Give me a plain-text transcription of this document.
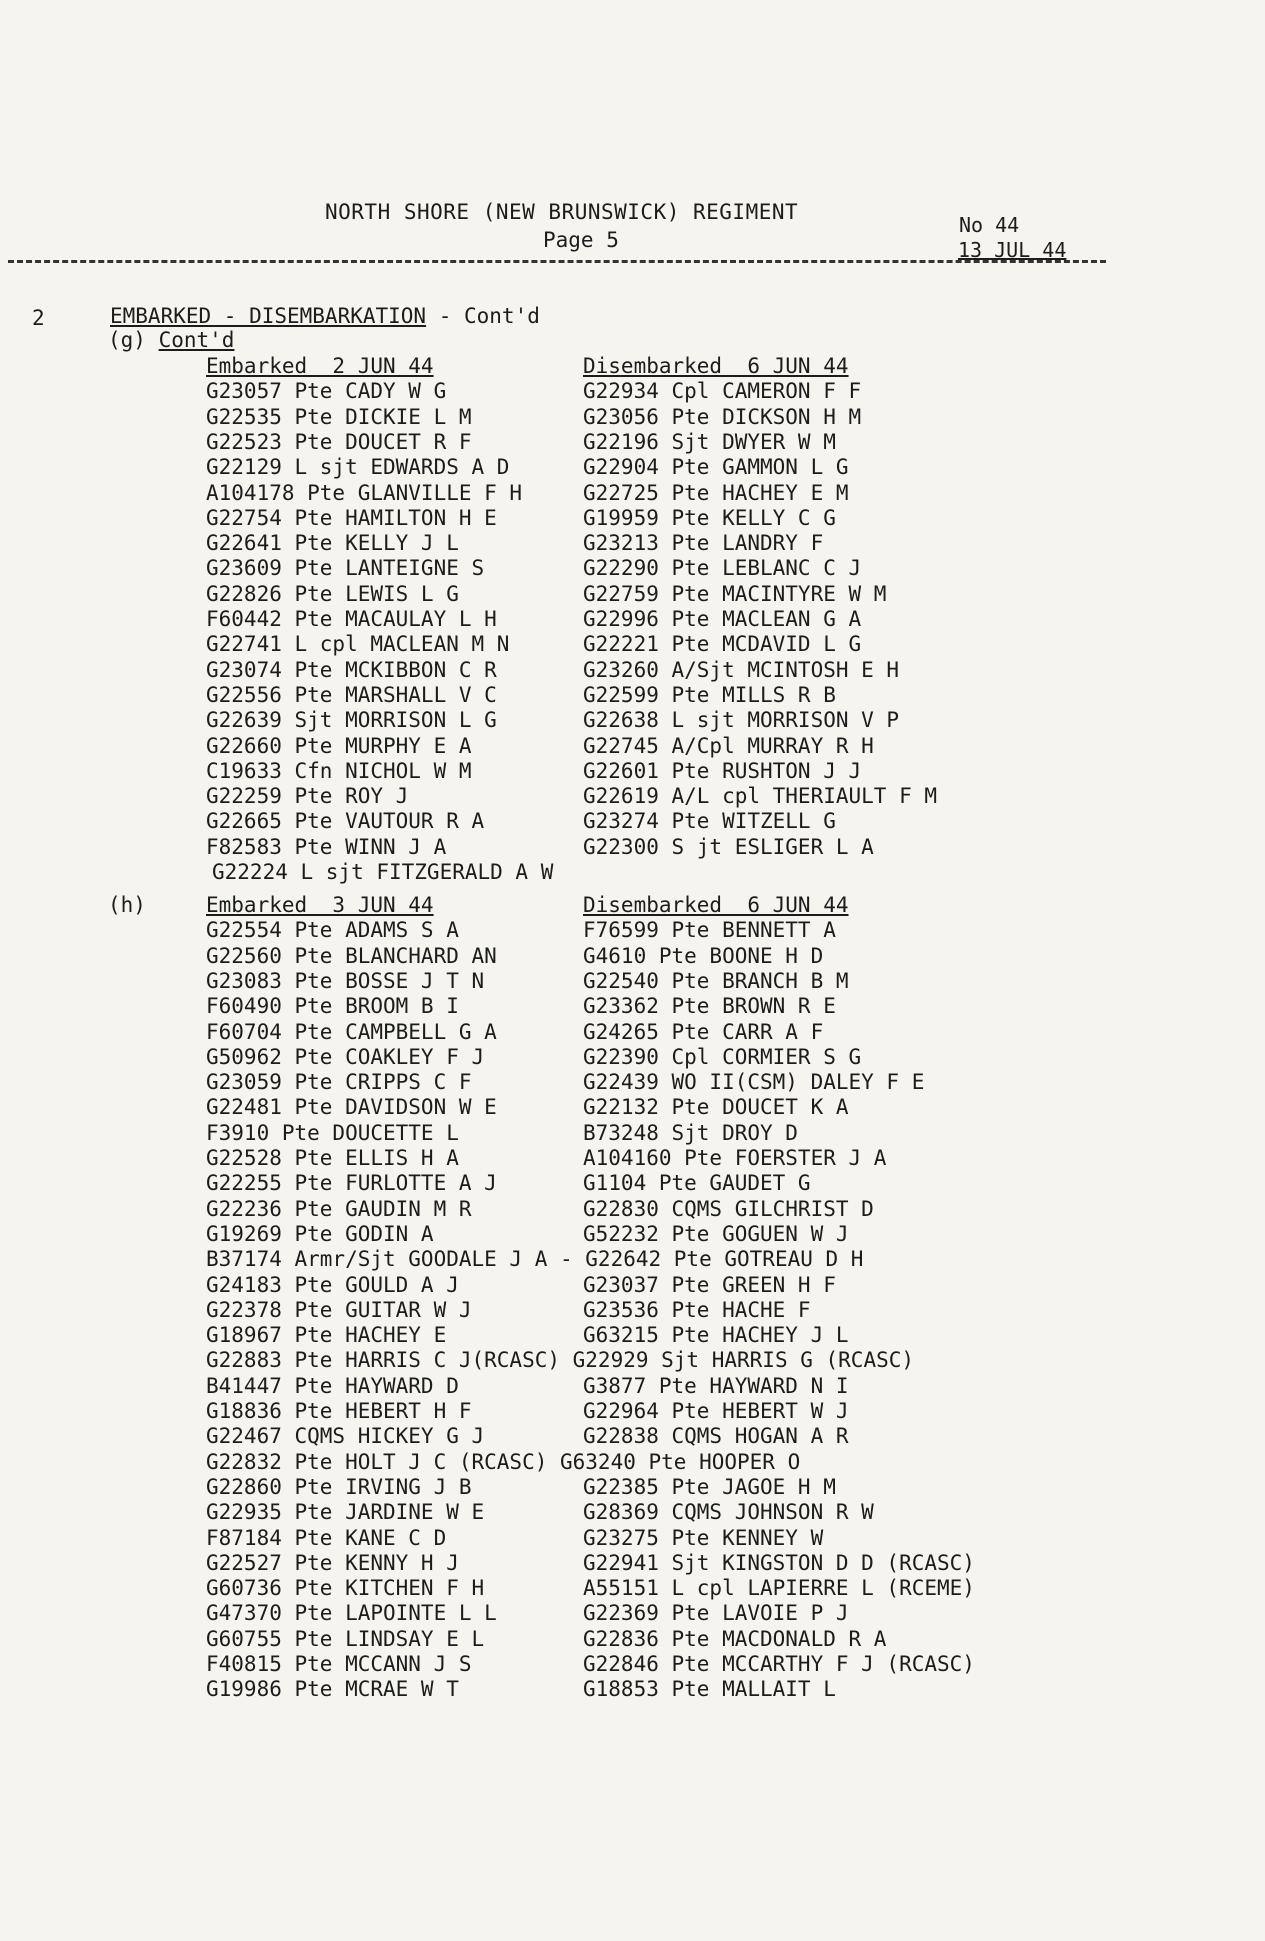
NORTH SHORE (NEW BRUNSWICK) REGIMENT
Page 5
No 44
13 JUL 44
2	EMBARKED - DISEMBARKATION - Cont'd
(g) Cont'd
Embarked  2 JUN 44	Disembarked  6 JUN 44
G23057 Pte CADY W G	G22934 Cpl CAMERON F F
G22535 Pte DICKIE L M	G23056 Pte DICKSON H M
G22523 Pte DOUCET R F	G22196 Sjt DWYER W M
G22129 L sjt EDWARDS A D	G22904 Pte GAMMON L G
A104178 Pte GLANVILLE F H	G22725 Pte HACHEY E M
G22754 Pte HAMILTON H E	G19959 Pte KELLY C G
G22641 Pte KELLY J L	G23213 Pte LANDRY F
G23609 Pte LANTEIGNE S	G22290 Pte LEBLANC C J
G22826 Pte LEWIS L G	G22759 Pte MACINTYRE W M
F60442 Pte MACAULAY L H	G22996 Pte MACLEAN G A
G22741 L cpl MACLEAN M N	G22221 Pte MCDAVID L G
G23074 Pte MCKIBBON C R	G23260 A/Sjt MCINTOSH E H
G22556 Pte MARSHALL V C	G22599 Pte MILLS R B
G22639 Sjt MORRISON L G	G22638 L sjt MORRISON V P
G22660 Pte MURPHY E A	G22745 A/Cpl MURRAY R H
C19633 Cfn NICHOL W M	G22601 Pte RUSHTON J J
G22259 Pte ROY J	G22619 A/L cpl THERIAULT F M
G22665 Pte VAUTOUR R A	G23274 Pte WITZELL G
F82583 Pte WINN J A	G22300 S jt ESLIGER L A
G22224 L sjt FITZGERALD A W
(h)	Embarked  3 JUN 44	Disembarked  6 JUN 44
G22554 Pte ADAMS S A	F76599 Pte BENNETT A
G22560 Pte BLANCHARD AN	G4610 Pte BOONE H D
G23083 Pte BOSSE J T N	G22540 Pte BRANCH B M
F60490 Pte BROOM B I	G23362 Pte BROWN R E
F60704 Pte CAMPBELL G A	G24265 Pte CARR A F
G50962 Pte COAKLEY F J	G22390 Cpl CORMIER S G
G23059 Pte CRIPPS C F	G22439 WO II(CSM) DALEY F E
G22481 Pte DAVIDSON W E	G22132 Pte DOUCET K A
F3910 Pte DOUCETTE L	B73248 Sjt DROY D
G22528 Pte ELLIS H A	A104160 Pte FOERSTER J A
G22255 Pte FURLOTTE A J	G1104 Pte GAUDET G
G22236 Pte GAUDIN M R	G22830 CQMS GILCHRIST D
G19269 Pte GODIN A	G52232 Pte GOGUEN W J
B37174 Armr/Sjt GOODALE J A - G22642 Pte GOTREAU D H
G24183 Pte GOULD A J	G23037 Pte GREEN H F
G22378 Pte GUITAR W J	G23536 Pte HACHE F
G18967 Pte HACHEY E	G63215 Pte HACHEY J L
G22883 Pte HARRIS C J(RCASC) G22929 Sjt HARRIS G (RCASC)
B41447 Pte HAYWARD D	G3877 Pte HAYWARD N I
G18836 Pte HEBERT H F	G22964 Pte HEBERT W J
G22467 CQMS HICKEY G J	G22838 CQMS HOGAN A R
G22832 Pte HOLT J C (RCASC) G63240 Pte HOOPER O
G22860 Pte IRVING J B	G22385 Pte JAGOE H M
G22935 Pte JARDINE W E	G28369 CQMS JOHNSON R W
F87184 Pte KANE C D	G23275 Pte KENNEY W
G22527 Pte KENNY H J	G22941 Sjt KINGSTON D D (RCASC)
G60736 Pte KITCHEN F H	A55151 L cpl LAPIERRE L (RCEME)
G47370 Pte LAPOINTE L L	G22369 Pte LAVOIE P J
G60755 Pte LINDSAY E L	G22836 Pte MACDONALD R A
F40815 Pte MCCANN J S	G22846 Pte MCCARTHY F J (RCASC)
G19986 Pte MCRAE W T	G18853 Pte MALLAIT L
